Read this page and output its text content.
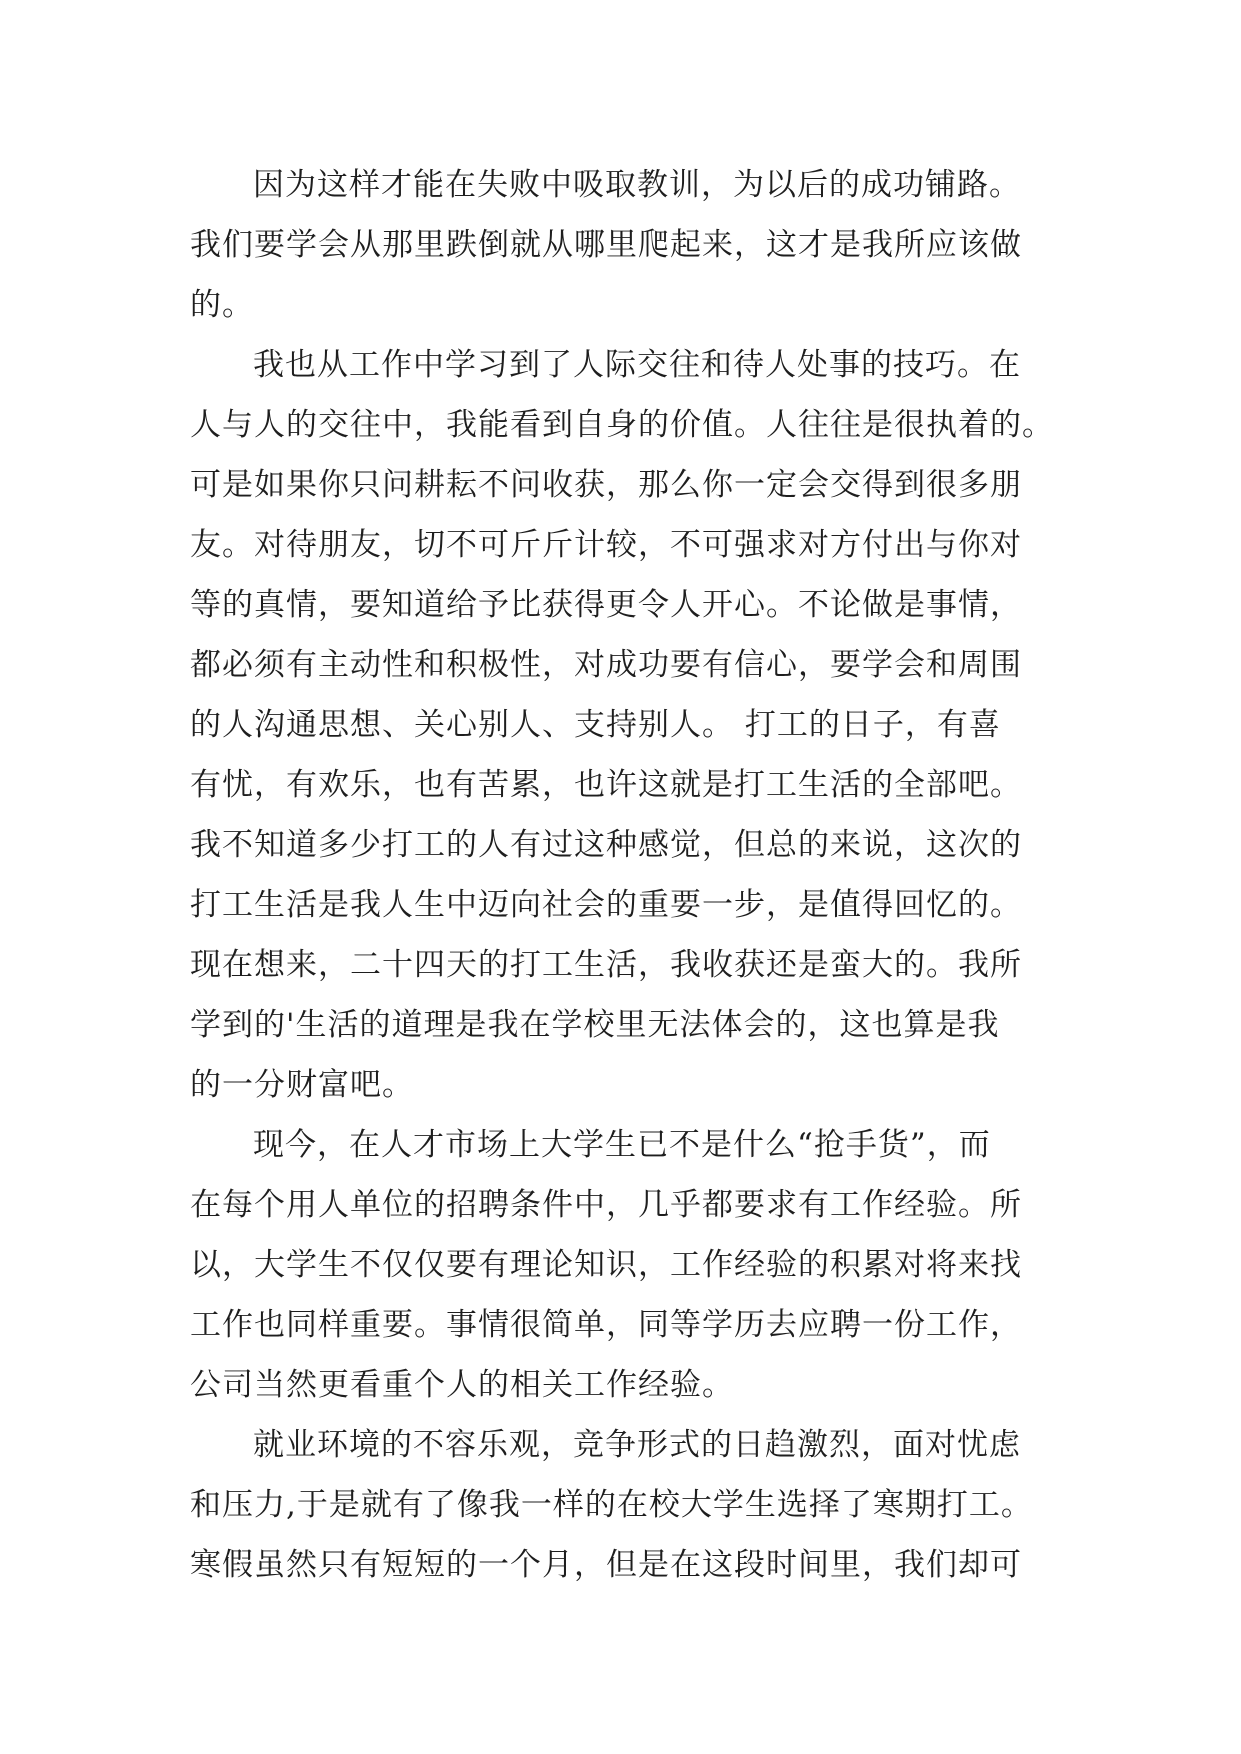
因为这样才能在失败中吸取教训，为以后的成功铺路。
我们要学会从那里跌倒就从哪里爬起来，这才是我所应该做
的。
我也从工作中学习到了人际交往和待人处事的技巧。在
人与人的交往中，我能看到自身的价值。人往往是很执着的。
可是如果你只问耕耘不问收获，那么你一定会交得到很多朋
友。对待朋友，切不可斤斤计较，不可强求对方付出与你对
等的真情，要知道给予比获得更令人开心。不论做是事情，
都必须有主动性和积极性，对成功要有信心，要学会和周围
的人沟通思想、关心别人、支持别人。 打工的日子，有喜
有忧，有欢乐，也有苦累，也许这就是打工生活的全部吧。
我不知道多少打工的人有过这种感觉，但总的来说，这次的
打工生活是我人生中迈向社会的重要一步，是值得回忆的。
现在想来，二十四天的打工生活，我收获还是蛮大的。我所
学到的'生活的道理是我在学校里无法体会的，这也算是我
的一分财富吧。
现今，在人才市场上大学生已不是什么“抢手货”，而
在每个用人单位的招聘条件中，几乎都要求有工作经验。所
以，大学生不仅仅要有理论知识，工作经验的积累对将来找
工作也同样重要。事情很简单，同等学历去应聘一份工作，
公司当然更看重个人的相关工作经验。
就业环境的不容乐观，竞争形式的日趋激烈，面对忧虑
和压力,于是就有了像我一样的在校大学生选择了寒期打工。
寒假虽然只有短短的一个月，但是在这段时间里，我们却可
